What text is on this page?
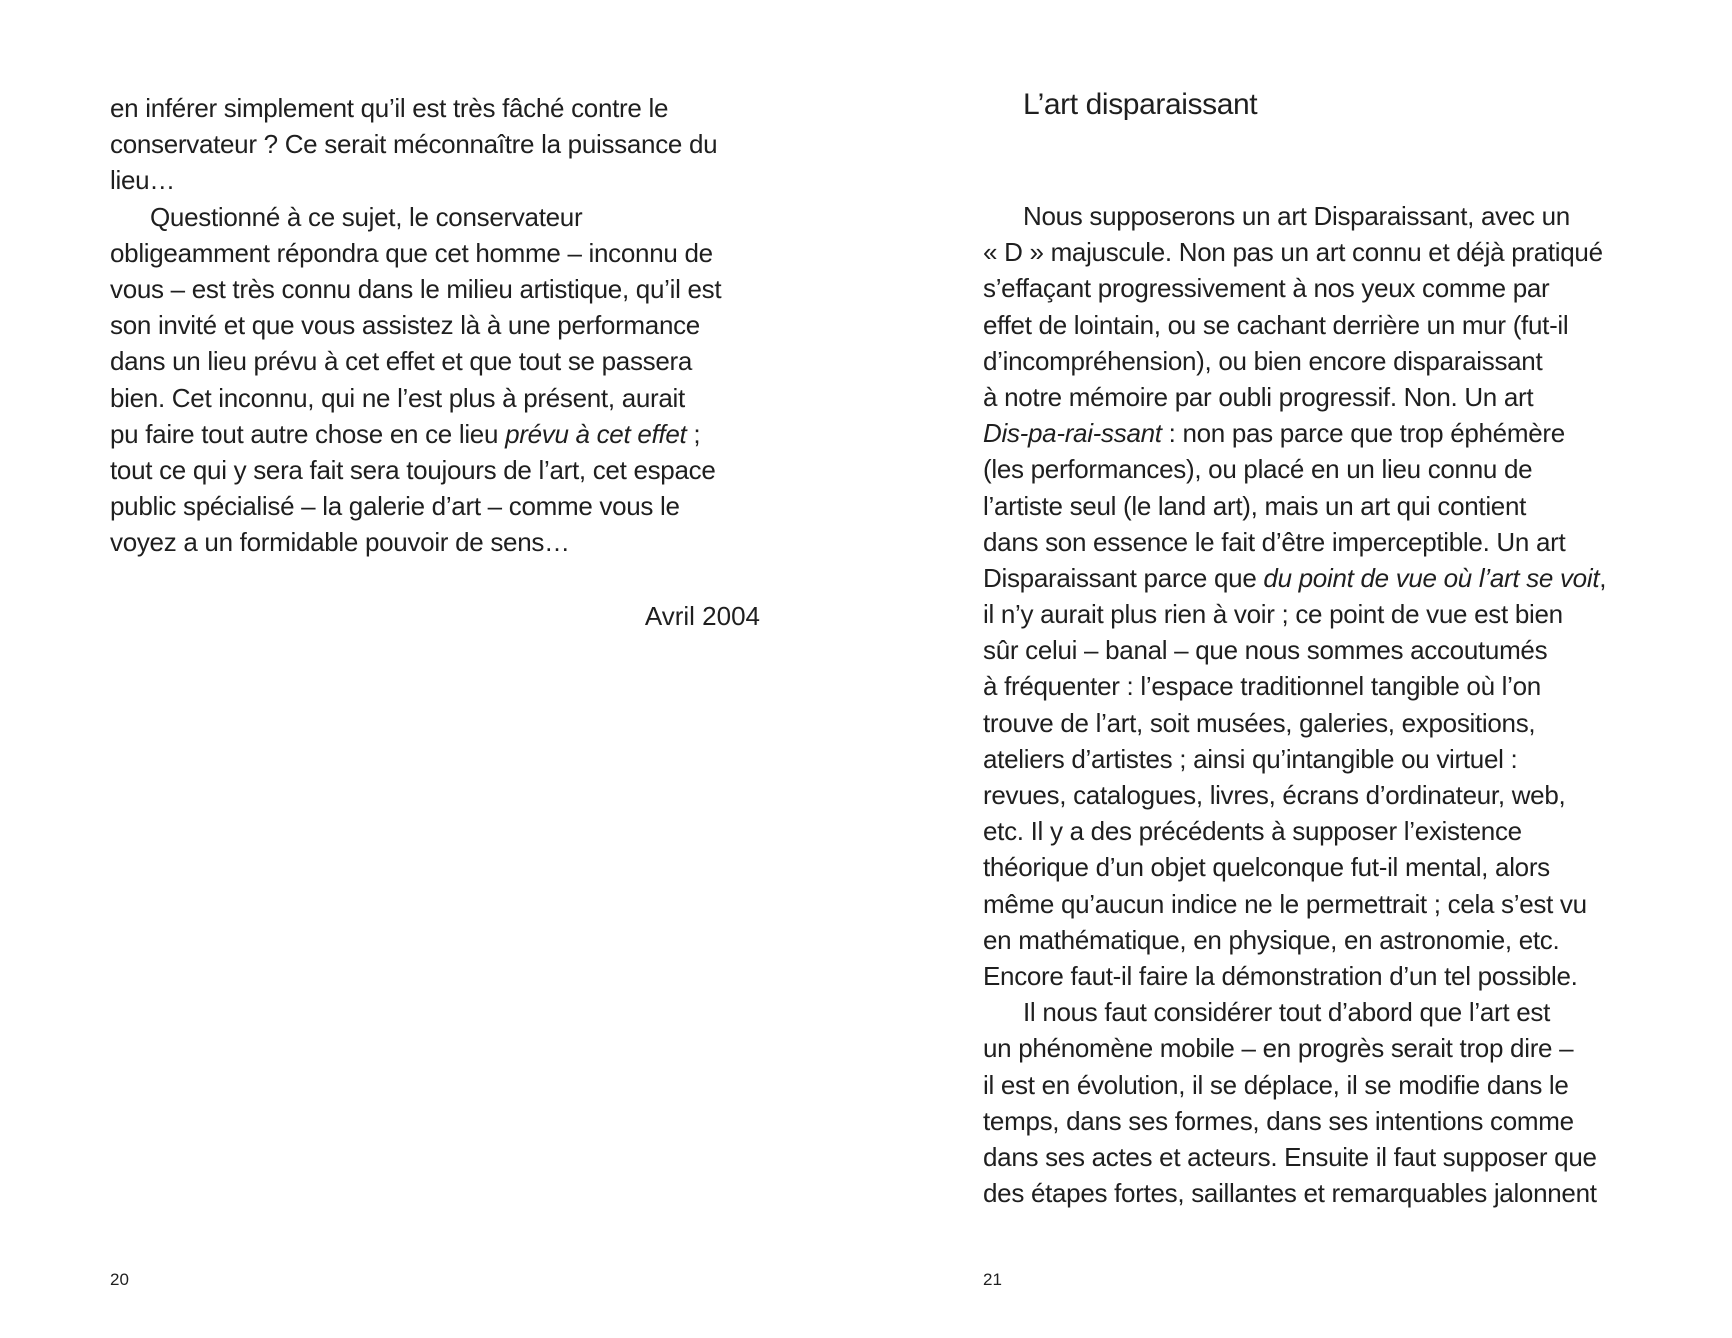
en inférer simplement qu’il est très fâché contre le
conservateur ? Ce serait méconnaître la puissance du
lieu…
Questionné à ce sujet, le conservateur
obligeamment répondra que cet homme – inconnu de
vous – est très connu dans le milieu artistique, qu’il est
son invité et que vous assistez là à une performance
dans un lieu prévu à cet effet et que tout se passera
bien. Cet inconnu, qui ne l’est plus à présent, aurait
pu faire tout autre chose en ce lieu prévu à cet effet ;
tout ce qui y sera fait sera toujours de l’art, cet espace
public spécialisé – la galerie d’art – comme vous le
voyez a un formidable pouvoir de sens…
Avril 2004
20
L’art disparaissant
Nous supposerons un art Disparaissant, avec un
« D » majuscule. Non pas un art connu et déjà pratiqué
s’effaçant progressivement à nos yeux comme par
effet de lointain, ou se cachant derrière un mur (fut-il
d’incompréhension), ou bien encore disparaissant
à notre mémoire par oubli progressif. Non. Un art
Dis-pa-rai-ssant : non pas parce que trop éphémère
(les performances), ou placé en un lieu connu de
l’artiste seul (le land art), mais un art qui contient
dans son essence le fait d’être imperceptible. Un art
Disparaissant parce que du point de vue où l’art se voit,
il n’y aurait plus rien à voir ; ce point de vue est bien
sûr celui – banal – que nous sommes accoutumés
à fréquenter : l’espace traditionnel tangible où l’on
trouve de l’art, soit musées, galeries, expositions,
ateliers d’artistes ; ainsi qu’intangible ou virtuel :
revues, catalogues, livres, écrans d’ordinateur, web,
etc. Il y a des précédents à supposer l’existence
théorique d’un objet quelconque fut-il mental, alors
même qu’aucun indice ne le permettrait ; cela s’est vu
en mathématique, en physique, en astronomie, etc.
Encore faut-il faire la démonstration d’un tel possible.
Il nous faut considérer tout d’abord que l’art est
un phénomène mobile – en progrès serait trop dire –
il est en évolution, il se déplace, il se modifie dans le
temps, dans ses formes, dans ses intentions comme
dans ses actes et acteurs. Ensuite il faut supposer que
des étapes fortes, saillantes et remarquables jalonnent
21
